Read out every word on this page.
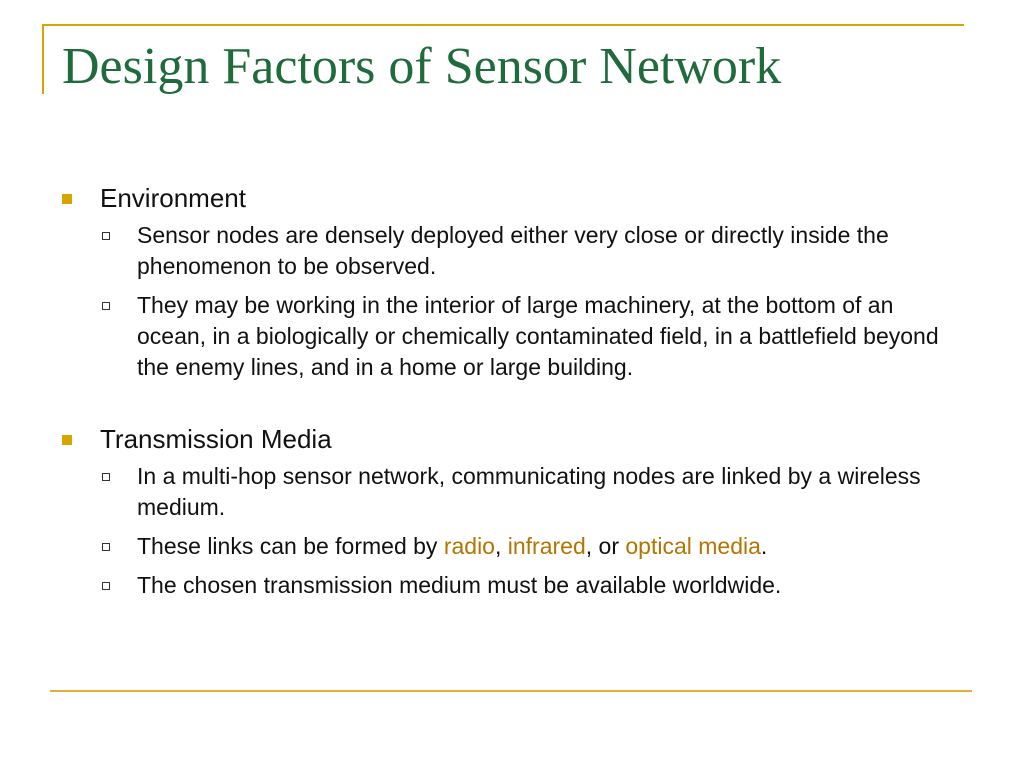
Design Factors of Sensor Network
Environment
Sensor nodes are densely deployed either very close or directly inside the phenomenon to be observed.
They may be working in the interior of large machinery, at the bottom of an ocean, in a biologically or chemically contaminated field, in a battlefield beyond the enemy lines, and in a home or large building.
Transmission Media
In a multi-hop sensor network, communicating nodes are linked by a wireless medium.
These links can be formed by radio, infrared, or optical media.
The chosen transmission medium must be available worldwide.
